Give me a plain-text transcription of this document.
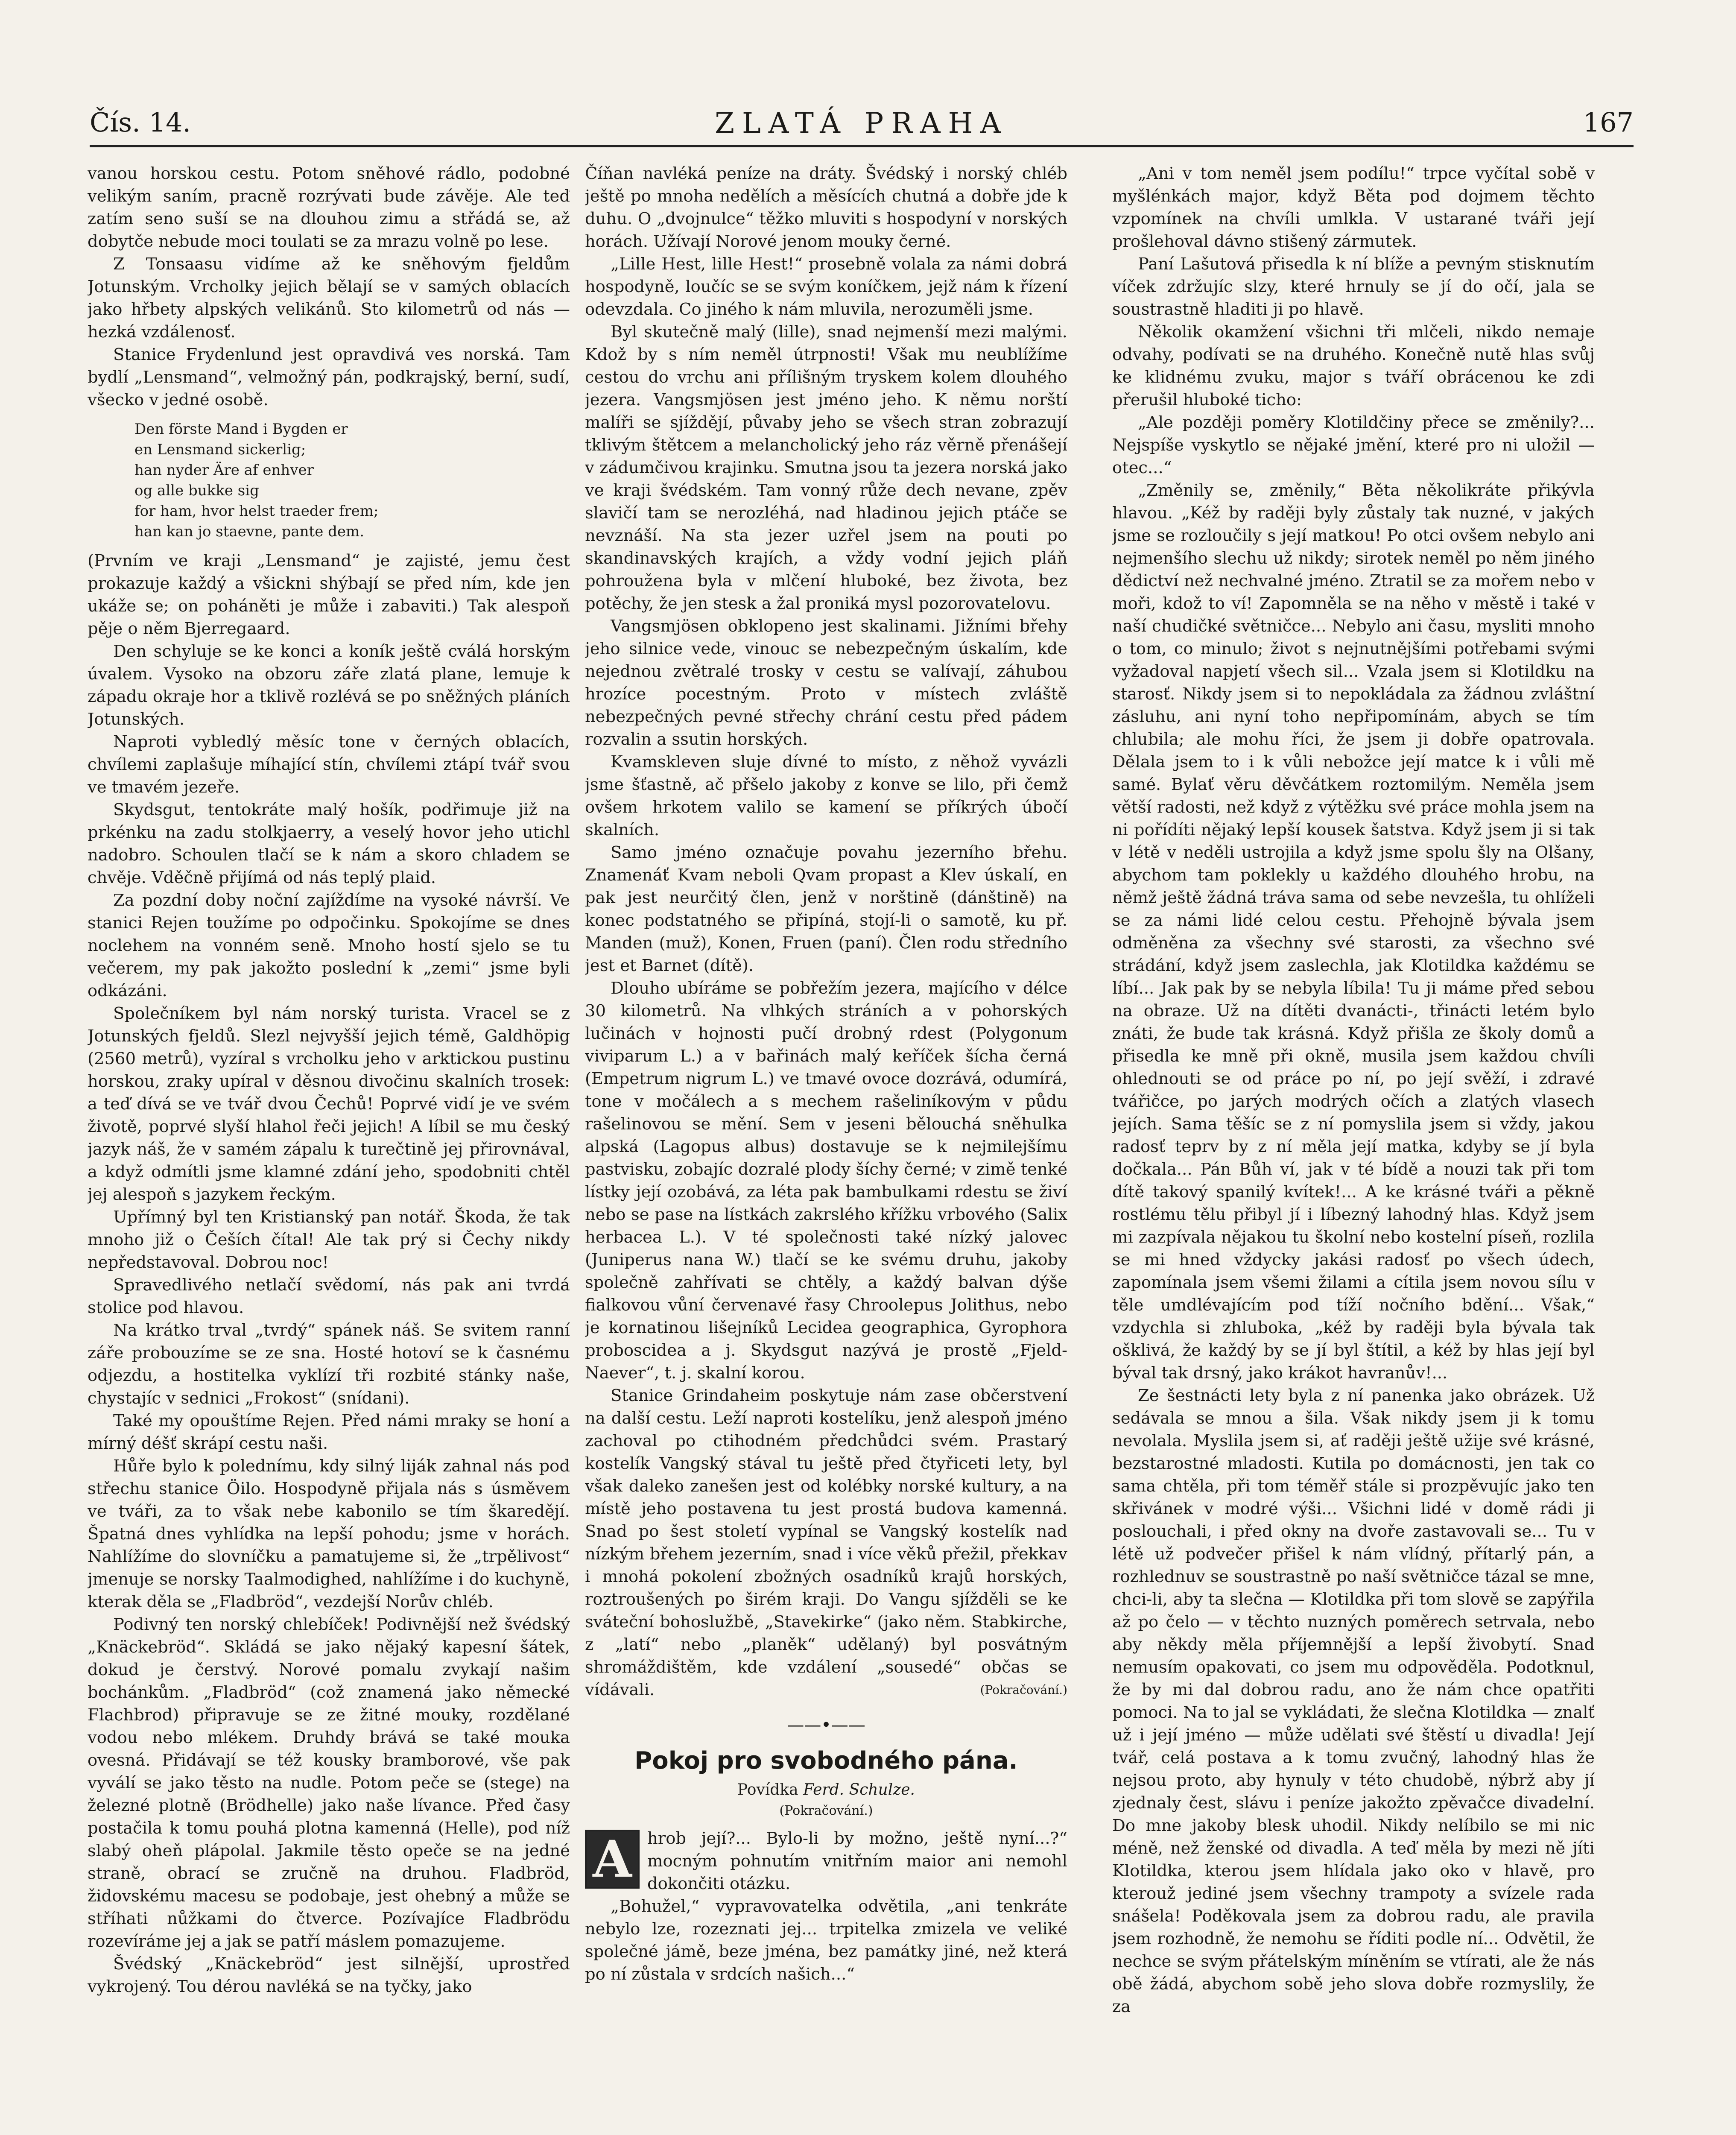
Čís. 14.	ZLATÁ PRAHA	167

vanou horskou cestu. Potom sněhové rádlo, podobné velikým saním, pracně rozrývati bude závěje. Ale teď zatím seno suší se na dlouhou zimu a střádá se, až dobytče nebude moci toulati se za mrazu volně po lese.

Z Tonsaasu vidíme až ke sněhovým fjeldům Jotunským. Vrcholky jejich bělají se v samých oblacích jako hřbety alpských velikánů. Sto kilometrů od nás — hezká vzdálenosť.

Stanice Frydenlund jest opravdivá ves norská. Tam bydlí „Lensmand“, velmožný pán, podkrajský, berní, sudí, všecko v jedné osobě.

Den förste Mand i Bygden er
en Lensmand sickerlig;
han nyder Äre af enhver
og alle bukke sig
for ham, hvor helst traeder frem;
han kan jo staevne, pante dem.

(Prvním ve kraji „Lensmand“ je zajisté, jemu čest prokazuje každý a všickni shýbají se před ním, kde jen ukáže se; on poháněti je může i zabaviti.) Tak alespoň pěje o něm Bjerregaard.

Den schyluje se ke konci a koník ještě cválá horským úvalem. Vysoko na obzoru záře zlatá plane, lemuje k západu okraje hor a tklivě rozlévá se po sněžných pláních Jotunských.

Naproti vybledlý měsíc tone v černých oblacích, chvílemi zaplašuje míhající stín, chvílemi ztápí tvář svou ve tmavém jezeře.

Skydsgut, tentokráte malý hošík, podřimuje již na prkénku na zadu stolkjaerry, a veselý hovor jeho utichl nadobro. Schoulen tlačí se k nám a skoro chladem se chvěje. Vděčně přijímá od nás teplý plaid.

Za pozdní doby noční zajíždíme na vysoké návrší. Ve stanici Rejen toužíme po odpočinku. Spokojíme se dnes noclehem na vonném seně. Mnoho hostí sjelo se tu večerem, my pak jakožto poslední k „zemi“ jsme byli odkázáni.

Společníkem byl nám norský turista. Vracel se z Jotunských fjeldů. Slezl nejvyšší jejich témě, Galdhöpig (2560 metrů), vyzíral s vrcholku jeho v arktickou pustinu horskou, zraky upíral v děsnou divočinu skalních trosek: a teď dívá se ve tvář dvou Čechů! Poprvé vidí je ve svém životě, poprvé slyší hlahol řeči jejich! A líbil se mu český jazyk náš, že v samém zápalu k turečtině jej přirovnával, a když odmítli jsme klamné zdání jeho, spodobniti chtěl jej alespoň s jazykem řeckým.

Upřímný byl ten Kristianský pan notář. Škoda, že tak mnoho již o Češích čítal! Ale tak prý si Čechy nikdy nepředstavoval. Dobrou noc!

Spravedlivého netlačí svědomí, nás pak ani tvrdá stolice pod hlavou.

Na krátko trval „tvrdý“ spánek náš. Se svitem ranní záře probouzíme se ze sna. Hosté hotoví se k časnému odjezdu, a hostitelka vyklízí tři rozbité stánky naše, chystajíc v sednici „Frokost“ (snídani).

Také my opouštíme Rejen. Před námi mraky se honí a mírný déšť skrápí cestu naši.

Hůře bylo k polednímu, kdy silný liják zahnal nás pod střechu stanice Öilo. Hospodyně přijala nás s úsměvem ve tváři, za to však nebe kabonilo se tím škaredějí. Špatná dnes vyhlídka na lepší pohodu; jsme v horách. Nahlížíme do slovníčku a pamatujeme si, že „trpělivost“ jmenuje se norsky Taalmodighed, nahlížíme i do kuchyně, kterak děla se „Fladbröd“, vezdejší Norův chléb.

Podivný ten norský chlebíček! Podivnější než švédský „Knäckebröd“. Skládá se jako nějaký kapesní šátek, dokud je čerstvý. Norové pomalu zvykají našim bochánkům. „Fladbröd“ (což znamená jako německé Flachbrod) připravuje se ze žitné mouky, rozdělané vodou nebo mlékem. Druhdy brává se také mouka ovesná. Přidávají se též kousky bramborové, vše pak vyválí se jako těsto na nudle. Potom peče se (stege) na železné plotně (Brödhelle) jako naše lívance. Před časy postačila k tomu pouhá plotna kamenná (Helle), pod níž slabý oheň plápolal. Jakmile těsto opeče se na jedné straně, obrací se zručně na druhou. Fladbröd, židovskému macesu se podobaje, jest ohebný a může se stříhati nůžkami do čtverce. Pozívajíce Fladbrödu rozevíráme jej a jak se patří máslem pomazujeme.

Švédský „Knäckebröd“ jest silnější, uprostřed vykrojený. Tou dérou navléká se na tyčky, jako

Číňan navléká peníze na dráty. Švédský i norský chléb ještě po mnoha nedělích a měsících chutná a dobře jde k duhu. O „dvojnulce“ těžko mluviti s hospodyní v norských horách. Užívají Norové jenom mouky černé.

„Lille Hest, lille Hest!“ prosebně volala za námi dobrá hospodyně, loučíc se se svým koníčkem, jejž nám k řízení odevzdala. Co jiného k nám mluvila, nerozuměli jsme.

Byl skutečně malý (lille), snad nejmenší mezi malými. Kdož by s ním neměl útrpnosti! Však mu neublížíme cestou do vrchu ani přílišným tryskem kolem dlouhého jezera. Vangsmjösen jest jméno jeho. K němu norští malíři se sjíždějí, půvaby jeho se všech stran zobrazují tklivým štětcem a melancholický jeho ráz věrně přenášejí v zádumčivou krajinku. Smutna jsou ta jezera norská jako ve kraji švédském. Tam vonný růže dech nevane, zpěv slavičí tam se nerozléhá, nad hladinou jejich ptáče se nevznáší. Na sta jezer uzřel jsem na pouti po skandinavských krajích, a vždy vodní jejich pláň pohroužena byla v mlčení hluboké, bez života, bez potěchy, že jen stesk a žal proniká mysl pozorovatelovu.

Vangsmjösen obklopeno jest skalinami. Jižními břehy jeho silnice vede, vinouc se nebezpečným úskalím, kde nejednou zvětralé trosky v cestu se valívají, záhubou hrozíce pocestným. Proto v místech zvláště nebezpečných pevné střechy chrání cestu před pádem rozvalin a ssutin horských.

Kvamskleven sluje dívné to místo, z něhož vyvázli jsme šťastně, ač přšelo jakoby z konve se lilo, při čemž ovšem hrkotem valilo se kamení se příkrých úbočí skalních.

Samo jméno označuje povahu jezerního břehu. Znamenáť Kvam neboli Qvam propast a Klev úskalí, en pak jest neurčitý člen, jenž v norštině (dánštině) na konec podstatného se připíná, stojí-li o samotě, ku př. Manden (muž), Konen, Fruen (paní). Člen rodu středního jest et Barnet (dítě).

Dlouho ubíráme se pobřežím jezera, majícího v délce 30 kilometrů. Na vlhkých stráních a v pohorských lučinách v hojnosti pučí drobný rdest (Polygonum viviparum L.) a v bařinách malý keříček šícha černá (Empetrum nigrum L.) ve tmavé ovoce dozrává, odumírá, tone v močálech a s mechem rašeliníkovým v půdu rašelinovou se mění. Sem v jeseni bělouchá sněhulka alpská (Lagopus albus) dostavuje se k nejmilejšímu pastvisku, zobajíc dozralé plody šíchy černé; v zimě tenké lístky její ozobává, za léta pak bambulkami rdestu se živí nebo se pase na lístkách zakrslého křížku vrbového (Salix herbacea L.). V té společnosti také nízký jalovec (Juniperus nana W.) tlačí se ke svému druhu, jakoby společně zahřívati se chtěly, a každý balvan dýše fialkovou vůní červenavé řasy Chroolepus Jolithus, nebo je kornatinou lišejníků Lecidea geographica, Gyrophora proboscidea a j. Skydsgut nazývá je prostě „Fjeld-Naever“, t. j. skalní korou.

Stanice Grindaheim poskytuje nám zase občerstvení na další cestu. Leží naproti kostelíku, jenž alespoň jméno zachoval po ctihodném předchůdci svém. Prastarý kostelík Vangský stával tu ještě před čtyřiceti lety, byl však daleko zanešen jest od kolébky norské kultury, a na místě jeho postavena tu jest prostá budova kamenná. Snad po šest století vypínal se Vangský kostelík nad nízkým břehem jezerním, snad i více věků přežil, překkav i mnohá pokolení zbožných osadníků krajů horských, roztroušených po širém kraji. Do Vangu sjížděli se ke sváteční bohoslužbě, „Stavekirke“ (jako něm. Stabkirche, z „latí“ nebo „planěk“ udělaný) byl posvátným shromáždištěm, kde vzdálení „sousedé“ občas se vídávali.	(Pokračování.)

——•——
Pokoj pro svobodného pána.
Povídka Ferd. Schulze.
(Pokračování.)
A hrob její?... Bylo-li by možno, ještě nyní...?“ mocným pohnutím vnitřním maior ani nemohl dokončiti otázku.

„Bohužel,“ vypravovatelka odvětila, „ani tenkráte nebylo lze, rozeznati jej... trpitelka zmizela ve veliké společné jámě, beze jména, bez památky jiné, než která po ní zůstala v srdcích našich...“

„Ani v tom neměl jsem podílu!“ trpce vyčítal sobě v myšlénkách major, když Běta pod dojmem těchto vzpomínek na chvíli umlkla. V ustarané tváři její prošlehoval dávno stišený zármutek.

Paní Lašutová přisedla k ní blíže a pevným stisknutím víček zdržujíc slzy, které hrnuly se jí do očí, jala se soustrastně hladiti ji po hlavě.

Několik okamžení všichni tři mlčeli, nikdo nemaje odvahy, podívati se na druhého. Konečně nutě hlas svůj ke klidnému zvuku, major s tváří obrácenou ke zdi přerušil hluboké ticho:

„Ale později poměry Klotildčiny přece se změnily?... Nejspíše vyskytlo se nějaké jmění, které pro ni uložil — otec...“

„Změnily se, změnily,“ Běta několikráte přikývla hlavou. „Kéž by raději byly zůstaly tak nuzné, v jakých jsme se rozloučily s její matkou! Po otci ovšem nebylo ani nejmenšího slechu už nikdy; sirotek neměl po něm jiného dědictví než nechvalné jméno. Ztratil se za mořem nebo v moři, kdož to ví! Zapomněla se na něho v městě i také v naší chudičké světničce... Nebylo ani času, mysliti mnoho o tom, co minulo; život s nejnutnějšími potřebami svými vyžadoval napjetí všech sil... Vzala jsem si Klotildku na starosť. Nikdy jsem si to nepokládala za žádnou zvláštní zásluhu, ani nyní toho nepřipomínám, abych se tím chlubila; ale mohu říci, že jsem ji dobře opatrovala. Dělala jsem to i k vůli nebožce její matce k i vůli mě samé. Bylať věru děvčátkem roztomilým. Neměla jsem větší radosti, než když z výtěžku své práce mohla jsem na ni pořídíti nějaký lepší kousek šatstva. Když jsem ji si tak v létě v neděli ustrojila a když jsme spolu šly na Olšany, abychom tam poklekly u každého dlouhého hrobu, na němž ještě žádná tráva sama od sebe nevzešla, tu ohlíželi se za námi lidé celou cestu. Přehojně bývala jsem odměněna za všechny své starosti, za všechno své strádání, když jsem zaslechla, jak Klotildka každému se líbí... Jak pak by se nebyla líbila! Tu ji máme před sebou na obraze. Už na dítěti dvanácti-, třinácti letém bylo znáti, že bude tak krásná. Když přišla ze školy domů a přisedla ke mně při okně, musila jsem každou chvíli ohlednouti se od práce po ní, po její svěží, i zdravé tvářičce, po jarých modrých očích a zlatých vlasech jejích. Sama těšíc se z ní pomyslila jsem si vždy, jakou radosť teprv by z ní měla její matka, kdyby se jí byla dočkala... Pán Bůh ví, jak v té bídě a nouzi tak při tom dítě takový spanilý kvítek!... A ke krásné tváři a pěkně rostlému tělu přibyl jí i líbezný lahodný hlas. Když jsem mi zazpívala nějakou tu školní nebo kostelní píseň, rozlila se mi hned vždycky jakási radosť po všech údech, zapomínala jsem všemi žilami a cítila jsem novou sílu v těle umdlévajícím pod tíží nočního bdění... Však,“ vzdychla si zhluboka, „kéž by raději byla bývala tak ošklivá, že každý by se jí byl štítil, a kéž by hlas její byl býval tak drsný, jako krákot havranův!...

Ze šestnácti lety byla z ní panenka jako obrázek. Už sedávala se mnou a šila. Však nikdy jsem ji k tomu nevolala. Myslila jsem si, ať raději ještě užije své krásné, bezstarostné mladosti. Kutila po domácnosti, jen tak co sama chtěla, při tom téměř stále si prozpěvujíc jako ten skřivánek v modré výši... Všichni lidé v domě rádi ji poslouchali, i před okny na dvoře zastavovali se... Tu v létě už podvečer přišel k nám vlídný, přítarlý pán, a rozhlednuv se soustrastně po naší světničce tázal se mne, chci-li, aby ta slečna — Klotildka při tom slově se zapýřila až po čelo — v těchto nuzných poměrech setrvala, nebo aby někdy měla příjemnější a lepší živobytí. Snad nemusím opakovati, co jsem mu odpověděla. Podotknul, že by mi dal dobrou radu, ano že nám chce opatřiti pomoci. Na to jal se vykládati, že slečna Klotildka — znalť už i její jméno — může udělati své štěstí u divadla! Její tvář, celá postava a k tomu zvučný, lahodný hlas že nejsou proto, aby hynuly v této chudobě, nýbrž aby jí zjednaly čest, slávu i peníze jakožto zpěvačce divadelní. Do mne jakoby blesk uhodil. Nikdy nelíbilo se mi nic méně, než ženské od divadla. A teď měla by mezi ně jíti Klotildka, kterou jsem hlídala jako oko v hlavě, pro kterouž jediné jsem všechny trampoty a svízele rada snášela! Poděkovala jsem za dobrou radu, ale pravila jsem rozhodně, že nemohu se říditi podle ní... Odvětil, že nechce se svým přátelským míněním se vtírati, ale že nás obě žádá, abychom sobě jeho slova dobře rozmyslily, že za
